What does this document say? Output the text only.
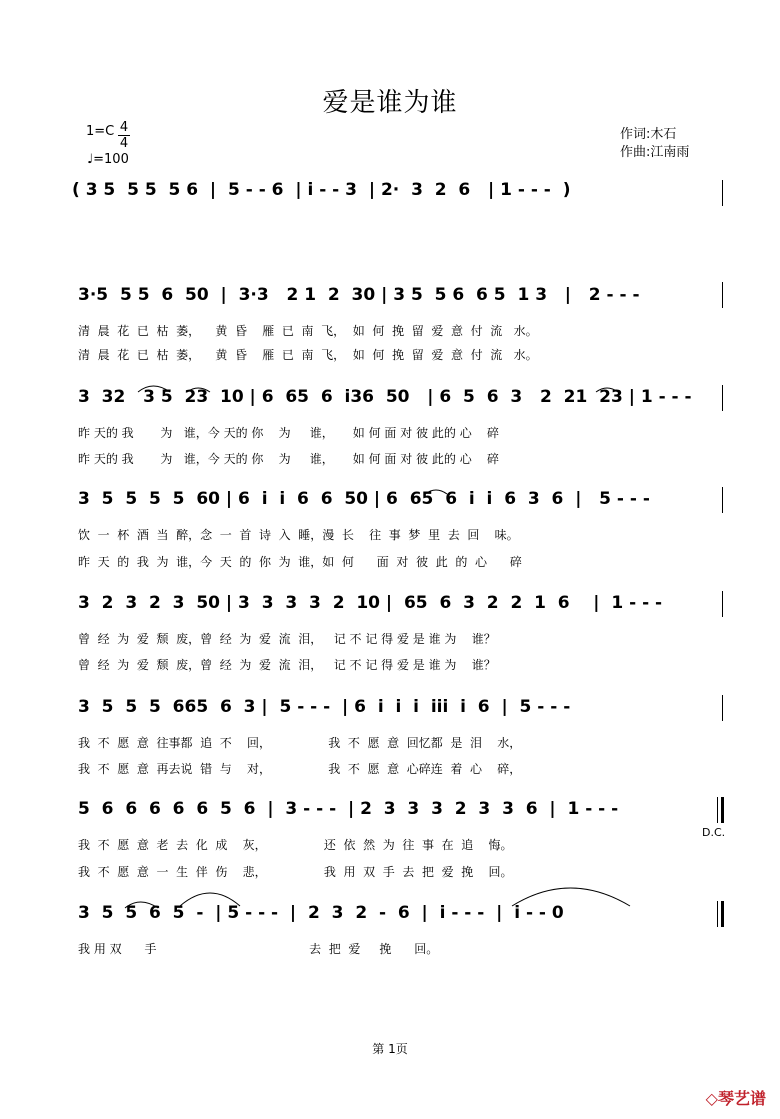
爱是谁为谁
1=C 4
4
♩=100
作词:木石
作曲:江南雨
( 3 5  5 5  5 6  |  5 - - 6  | i - - 3  | 2·  3  2  6   | 1 - - -  )
3·5  5 5  6  50  |  3·3   2 1  2  30 | 3 5  5 6  6 5  1 3   |   2 - - -
清  晨  花  已  枯  萎，    黄  昏    雁  已  南  飞，  如  何  挽  留  爱  意  付  流   水。
清  晨  花  已  枯  萎，    黄  昏    雁  已  南  飞，  如  何  挽  留  爱  意  付  流   水。
3  32   3 5  23  10 | 6  65  6  i36  50   | 6  5  6  3   2  21  23 | 1 - - -
昨 天的 我       为   谁，今 天的 你    为     谁，     如 何 面 对 彼 此的 心    碎
昨 天的 我       为   谁，今 天的 你    为     谁，     如 何 面 对 彼 此的 心    碎
3  5  5  5  5  60 | 6  i  i  6  6  50 | 6  65  6  i  i  6  3  6  |   5 - - -
饮  一  杯  酒  当  醉，念  一  首  诗  入  睡，漫  长    往  事  梦  里  去  回    味。
昨  天  的  我  为  谁，今  天  的  你  为  谁，如  何      面  对  彼  此  的  心      碎
3  2  3  2  3  50 | 3  3  3  3  2  10 |  65  6  3  2  2  1  6    |  1 - - -
曾  经  为  爱  颓  废，曾  经  为  爱  流  泪，   记 不 记 得 爱 是 谁 为    谁？
曾  经  为  爱  颓  废，曾  经  为  爱  流  泪，   记 不 记 得 爱 是 谁 为    谁？
3  5  5  5  665  6  3 |  5 - - -  | 6  i  i  i  iii  i  6  |  5 - - -
我  不  愿  意  往事都  追  不    回，               我  不  愿  意  回忆都  是  泪    水，
我  不  愿  意  再去说  错  与    对，               我  不  愿  意  心碎连  着  心    碎，
5  6  6  6  6  6  5  6  |  3 - - -  | 2  3  3  3  2  3  3  6  |  1 - - -
我  不  愿  意  老  去  化  成    灰，               还  依  然  为  往  事  在  追    悔。
我  不  愿  意  一  生  伴  伤    悲，               我  用  双  手  去  把  爱  挽    回。
D.C.
3  5  5  6  5  -  | 5 - - -  |  2  3  2  -  6  |  i - - -  |  i - - 0
我 用 双      手                                        去  把  爱     挽      回。
第 1页
◇琴艺谱
